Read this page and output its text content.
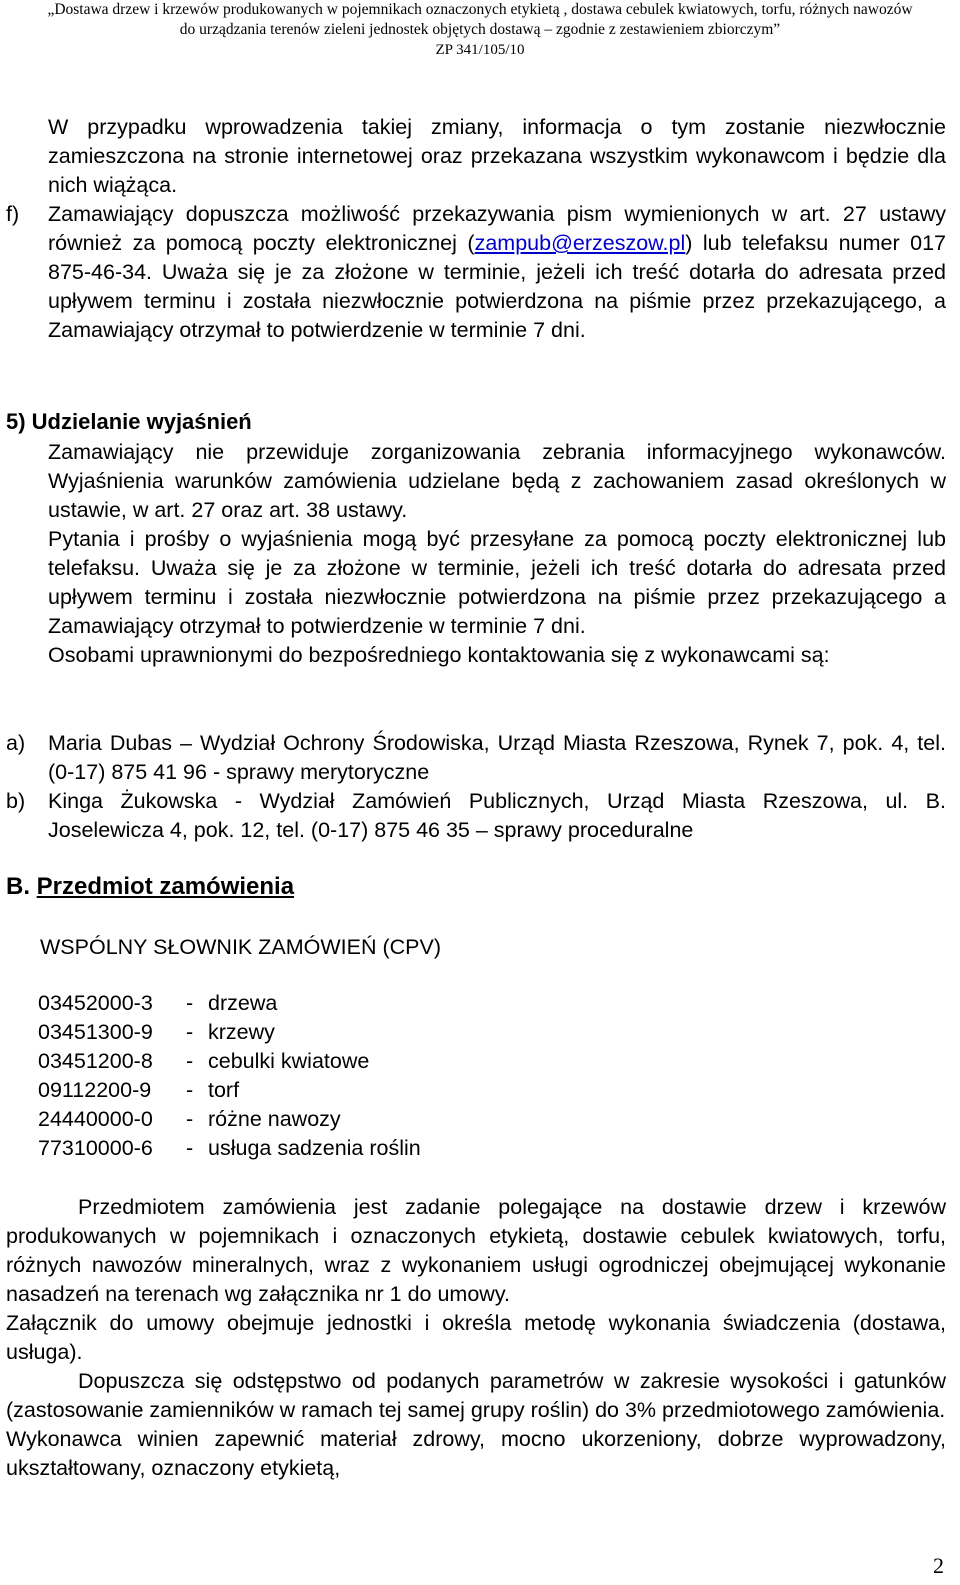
„Dostawa drzew i krzewów produkowanych w pojemnikach oznaczonych etykietą , dostawa cebulek kwiatowych, torfu, różnych nawozów
do urządzania terenów zieleni jednostek objętych dostawą – zgodnie z zestawieniem zbiorczym”
ZP 341/105/10

W przypadku wprowadzenia takiej zmiany, informacja o tym zostanie niezwłocznie zamieszczona na stronie internetowej oraz przekazana wszystkim wykonawcom i będzie dla nich wiążąca.

f) Zamawiający dopuszcza możliwość przekazywania pism wymienionych w art. 27 ustawy również za pomocą poczty elektronicznej (zampub@erzeszow.pl) lub telefaksu numer 017 875-46-34. Uważa się je za złożone w terminie, jeżeli ich treść dotarła do adresata przed upływem terminu i została niezwłocznie potwierdzona na piśmie przez przekazującego, a Zamawiający otrzymał to potwierdzenie w terminie 7 dni.

5) Udzielanie wyjaśnień

Zamawiający nie przewiduje zorganizowania zebrania informacyjnego wykonawców. Wyjaśnienia warunków zamówienia udzielane będą z zachowaniem zasad określonych w ustawie, w art. 27 oraz art. 38 ustawy.

Pytania i prośby o wyjaśnienia mogą być przesyłane za pomocą poczty elektronicznej lub telefaksu. Uważa się je za złożone w terminie, jeżeli ich treść dotarła do adresata przed upływem terminu i została niezwłocznie potwierdzona na piśmie przez przekazującego a Zamawiający otrzymał to potwierdzenie w terminie 7 dni.

Osobami uprawnionymi do bezpośredniego kontaktowania się z wykonawcami są:

a) Maria Dubas – Wydział Ochrony Środowiska, Urząd Miasta Rzeszowa, Rynek 7, pok. 4, tel. (0-17) 875 41 96 - sprawy merytoryczne

b) Kinga Żukowska - Wydział Zamówień Publicznych, Urząd Miasta Rzeszowa, ul. B. Joselewicza 4, pok. 12, tel. (0-17) 875 46 35 – sprawy proceduralne

B. Przedmiot zamówienia
WSPÓLNY SŁOWNIK ZAMÓWIEŃ (CPV)
03452000-3 - drzewa
03451300-9 - krzewy
03451200-8 - cebulki kwiatowe
09112200-9 - torf
24440000-0 - różne nawozy
77310000-6 - usługa sadzenia roślin

Przedmiotem zamówienia jest zadanie polegające na dostawie drzew i krzewów produkowanych w pojemnikach i oznaczonych etykietą, dostawie cebulek kwiatowych, torfu, różnych nawozów mineralnych, wraz z wykonaniem usługi ogrodniczej obejmującej wykonanie nasadzeń na terenach wg załącznika nr 1 do umowy.

Załącznik do umowy obejmuje jednostki i określa metodę wykonania świadczenia (dostawa, usługa).

Dopuszcza się odstępstwo od podanych parametrów w zakresie wysokości i gatunków (zastosowanie zamienników w ramach tej samej grupy roślin) do 3% przedmiotowego zamówienia.

Wykonawca winien zapewnić materiał zdrowy, mocno ukorzeniony, dobrze wyprowadzony, ukształtowany, oznaczony etykietą,

2
